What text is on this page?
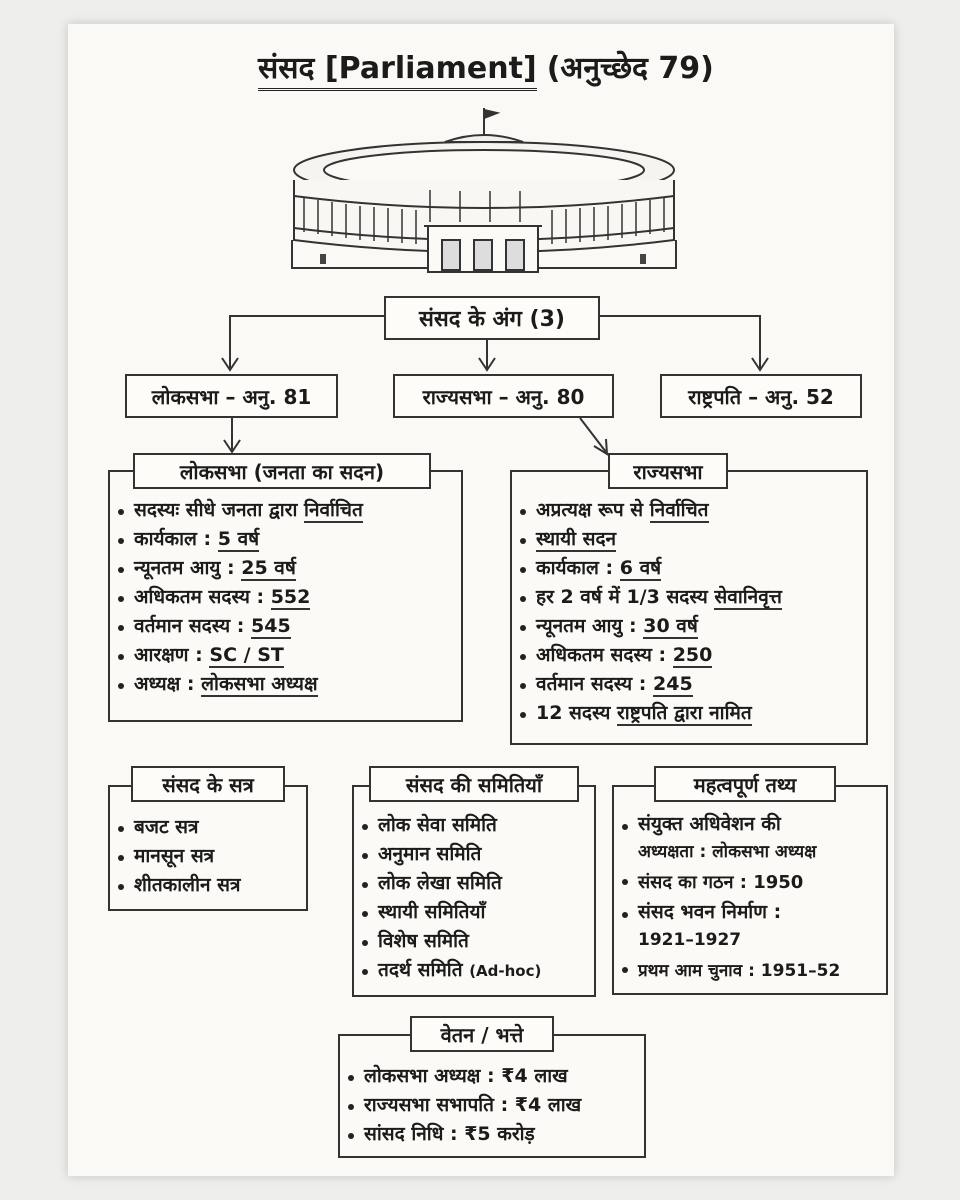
संसद [Parliament] (अनुच्छेद 79)
संसद के अंग (3)
लोकसभा – अनु. 81	राज्यसभा – अनु. 80	राष्ट्रपति – अनु. 52
सदस्यः सीधे जनता द्वारा निर्वाचित
कार्यकाल : 5 वर्ष
न्यूनतम आयु : 25 वर्ष
अधिकतम सदस्य : 552
वर्तमान सदस्य : 545
आरक्षण : SC / ST
अध्यक्ष : लोकसभा अध्यक्ष
लोकसभा (जनता का सदन)
अप्रत्यक्ष रूप से निर्वाचित
स्थायी सदन
कार्यकाल : 6 वर्ष
हर 2 वर्ष में 1/3 सदस्य सेवानिवृत्त
न्यूनतम आयु : 30 वर्ष
अधिकतम सदस्य : 250
वर्तमान सदस्य : 245
12 सदस्य राष्ट्रपति द्वारा नामित
राज्यसभा
बजट सत्र
मानसून सत्र
शीतकालीन सत्र
संसद के सत्र
लोक सेवा समिति
अनुमान समिति
लोक लेखा समिति
स्थायी समितियाँ
विशेष समिति
तदर्थ समिति (Ad-hoc)
संसद की समितियाँ
संयुक्त अधिवेशन की
अध्यक्षता : लोकसभा अध्यक्ष
संसद का गठन : 1950
संसद भवन निर्माण :
1921–1927
प्रथम आम चुनाव : 1951–52
महत्वपूर्ण तथ्य
लोकसभा अध्यक्ष : ₹4 लाख
राज्यसभा सभापति : ₹4 लाख
सांसद निधि : ₹5 करोड़
वेतन / भत्ते
